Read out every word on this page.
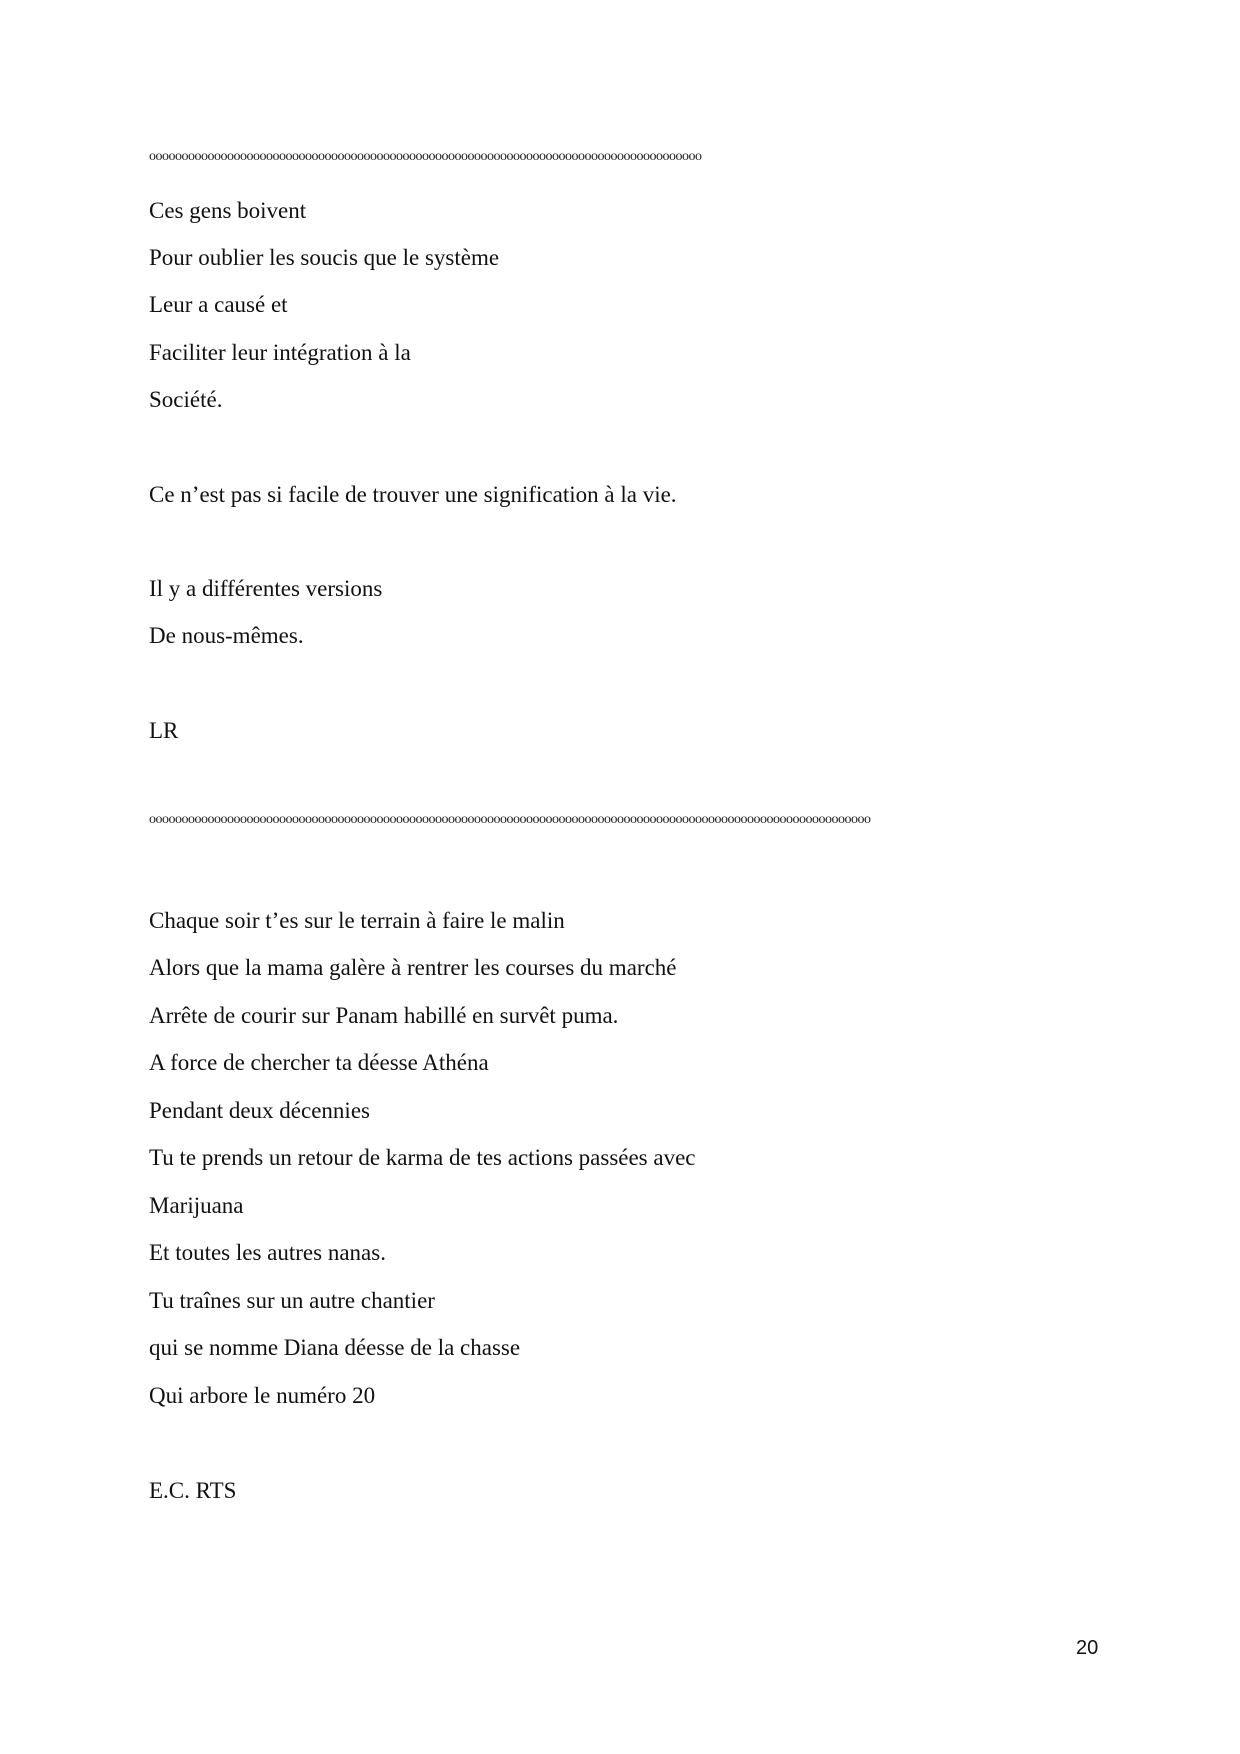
ooooooooooooooooooooooooooooooooooooooooooooooooooooooooooooooooooooooooooooooooooooo
Ces gens boivent
Pour oublier les soucis que le système
Leur a causé et
Faciliter leur intégration à la
Société.
Ce n’est pas si facile de trouver une signification à la vie.
Il y a différentes versions
De nous-mêmes.
LR
ooooooooooooooooooooooooooooooooooooooooooooooooooooooooooooooooooooooooooooooooooooooooooooooooooooooooooooooo
Chaque soir t’es sur le terrain à faire le malin
Alors que la mama galère à rentrer les courses du marché
Arrête de courir sur Panam habillé en survêt puma.
A force de chercher ta déesse Athéna
Pendant deux décennies
Tu te prends un retour de karma de tes actions passées avec
Marijuana
Et toutes les autres nanas.
Tu traînes sur un autre chantier
qui se nomme Diana déesse de la chasse
Qui arbore le numéro 20
E.C. RTS
20
